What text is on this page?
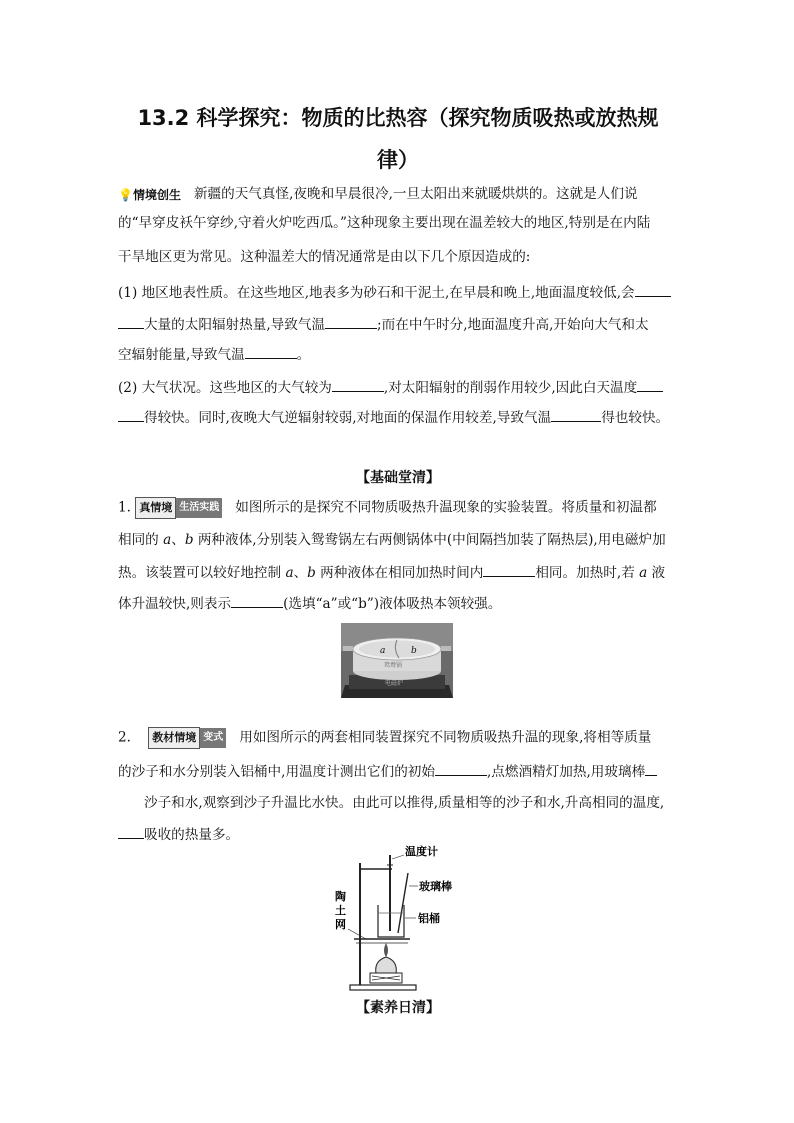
13.2 科学探究：物质的比热容（探究物质吸热或放热规
律）
💡情境创生 新疆的天气真怪,夜晚和早晨很冷,一旦太阳出来就暖烘烘的。这就是人们说
的“早穿皮袄午穿纱,守着火炉吃西瓜。”这种现象主要出现在温差较大的地区,特别是在内陆
干旱地区更为常见。这种温差大的情况通常是由以下几个原因造成的:
(1) 地区地表性质。在这些地区,地表多为砂石和干泥土,在早晨和晚上,地面温度较低,会
大量的太阳辐射热量,导致气温	;而在中午时分,地面温度升高,开始向大气和太
空辐射能量,导致气温	。
(2) 大气状况。这些地区的大气较为	,对太阳辐射的削弱作用较少,因此白天温度
得较快。同时,夜晚大气逆辐射较弱,对地面的保温作用较差,导致气温	得也较快。
【基础堂清】
1. 真情境 生活实践 如图所示的是探究不同物质吸热升温现象的实验装置。将质量和初温都
相同的 a、b 两种液体,分别装入鸳鸯锅左右两侧锅体中(中间隔挡加装了隔热层),用电磁炉加
热。该装置可以较好地控制 a、b 两种液体在相同加热时间内	相同。加热时,若 a 液
体升温较快,则表示	(选填“a”或“b”)液体吸热本领较强。
a	b
鸳鸯锅
电磁炉
2. 教材情境 变式 用如图所示的两套相同装置探究不同物质吸热升温的现象,将相等质量
的沙子和水分别装入铝桶中,用温度计测出它们的初始	,点燃酒精灯加热,用玻璃棒
沙子和水,观察到沙子升温比水快。由此可以推得,质量相等的沙子和水,升高相同的温度,
吸收的热量多。
温度计
玻璃棒
铝桶
陶
土
网
【素养日清】
